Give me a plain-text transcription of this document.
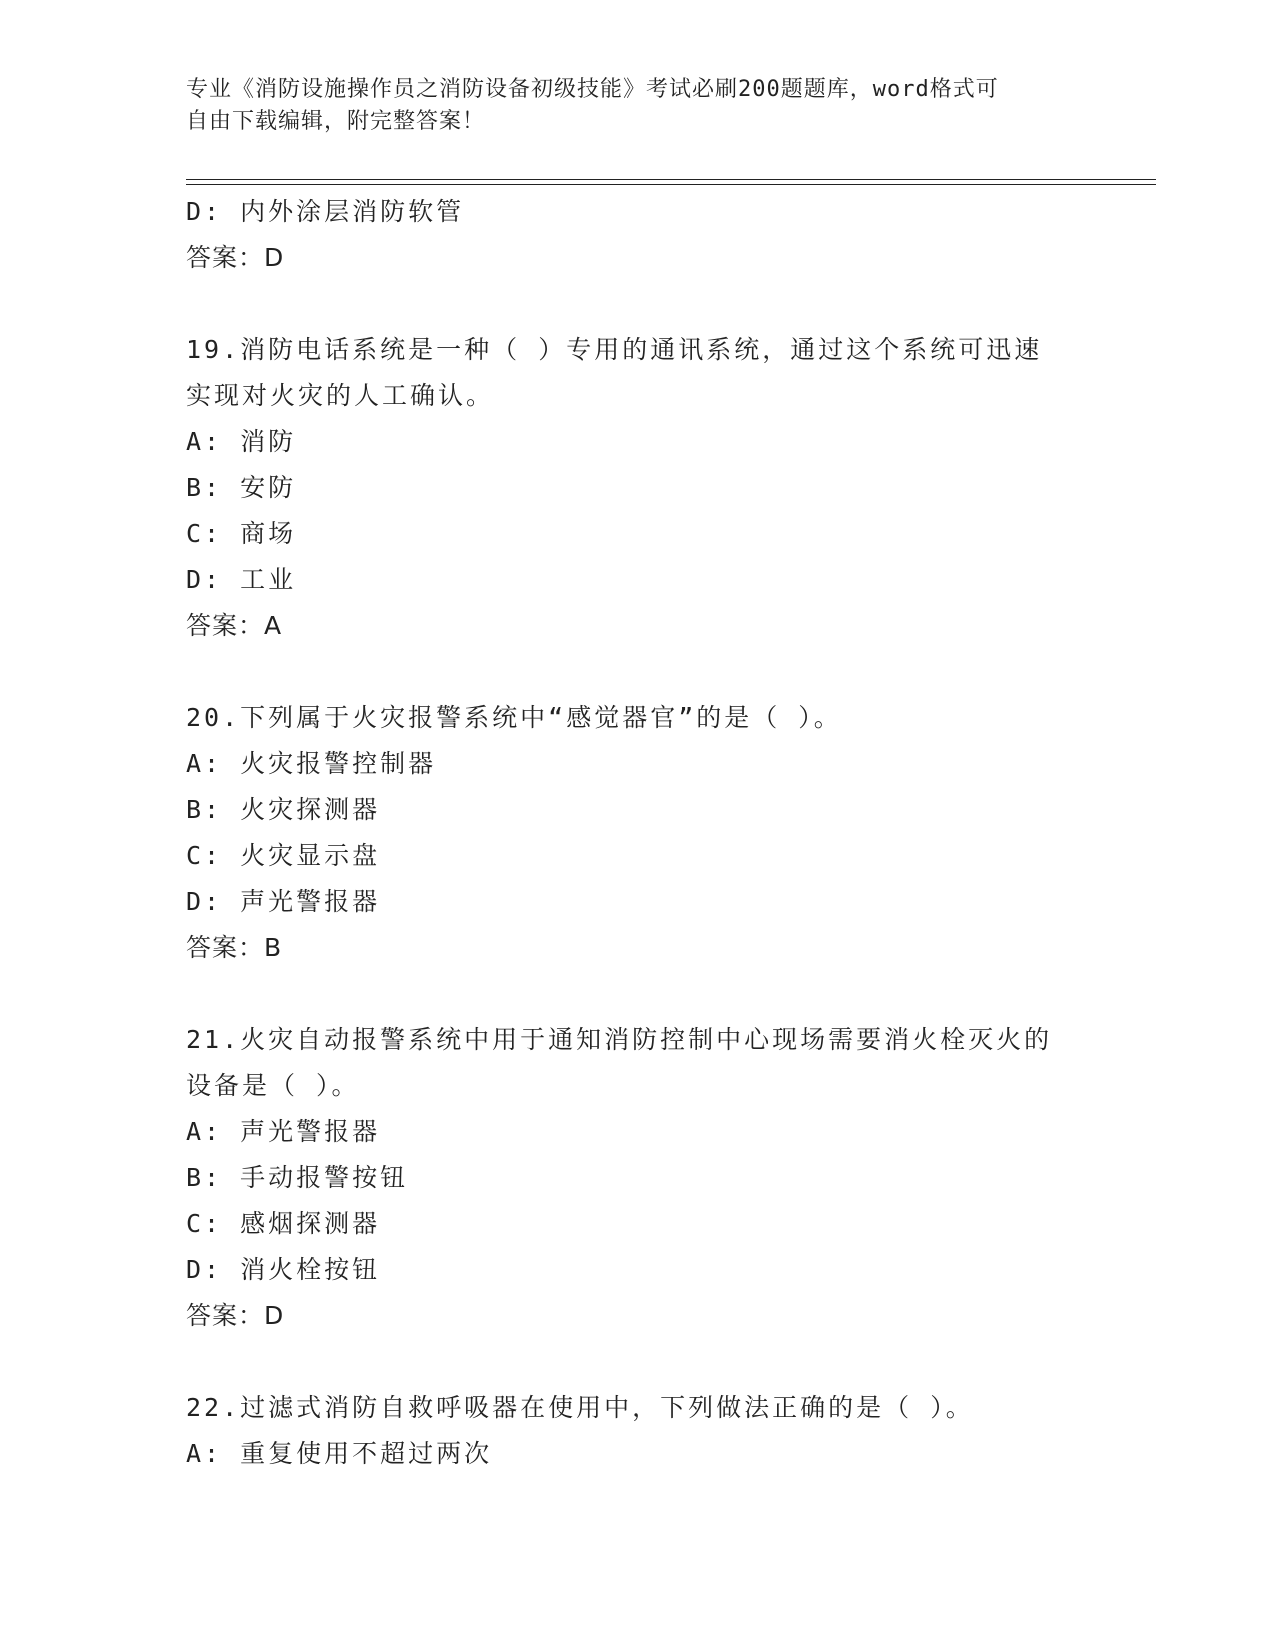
专业《消防设施操作员之消防设备初级技能》考试必刷200题题库，word格式可
自由下载编辑，附完整答案！
D: 内外涂层消防软管
答案：D
19.消防电话系统是一种（ ）专用的通讯系统，通过这个系统可迅速
实现对火灾的人工确认。
A: 消防
B: 安防
C: 商场
D: 工业
答案：A
20.下列属于火灾报警系统中“感觉器官”的是（ ）。
A: 火灾报警控制器
B: 火灾探测器
C: 火灾显示盘
D: 声光警报器
答案：B
21.火灾自动报警系统中用于通知消防控制中心现场需要消火栓灭火的
设备是（ ）。
A: 声光警报器
B: 手动报警按钮
C: 感烟探测器
D: 消火栓按钮
答案：D
22.过滤式消防自救呼吸器在使用中，下列做法正确的是（ ）。
A: 重复使用不超过两次
